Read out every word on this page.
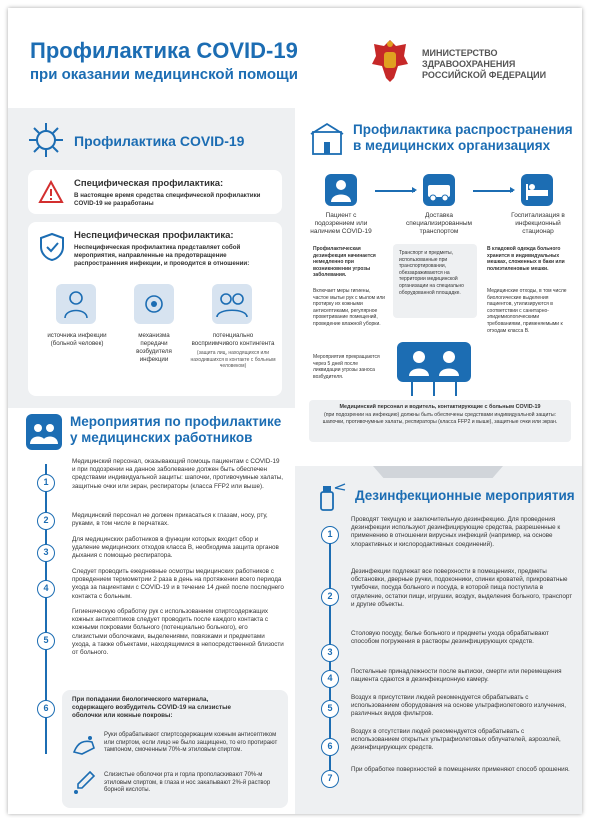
Профилактика COVID-19
при оказании медицинской помощи
МИНИСТЕРСТВО
ЗДРАВООХРАНЕНИЯ
РОССИЙСКОЙ ФЕДЕРАЦИИ
Профилактика COVID-19
Специфическая профилактика:
В настоящее время средства специфической профилактики COVID-19 не разработаны
Неспецифическая профилактика:
Неспецифическая профилактика представляет собой мероприятия, направленные на предотвращение распространения инфекции, и проводится в отношении:
источника инфекции (больной человек)
механизма передачи возбудителя инфекции
потенциально восприимчивого контингента
(защита лиц, находящихся или находившихся в контакте с больным человеком)
Мероприятия по профилактике
у медицинских работников
1
Медицинский персонал, оказывающий помощь пациентам с COVID-19 и при подозрении на данное заболевание должен быть обеспечен средствами индивидуальной защиты: шапочки, противочумные халаты, защитные очки или экран, респираторы (класса FFP2 или выше).
2	Медицинский персонал не должен прикасаться к глазам, носу, рту, руками, в том числе в перчатках.
3
Для медицинских работников в функции которых входит сбор и удаление медицинских отходов класса В, необходима защита органов дыхания с помощью респиратора.
4
Следует проводить ежедневные осмотры медицинских работников с проведением термометрии 2 раза в день на протяжении всего периода ухода за пациентами с COVID-19 и в течение 14 дней после последнего контакта с больным.
5
Гигиеническую обработку рук с использованием спиртсодержащих кожных антисептиков следует проводить после каждого контакта с кожными покровами больного (потенциально больного), его слизистыми оболочками, выделениями, повязками и предметами ухода, а также объектами, находящимися в непосредственной близости от больного.
6
При попадании биологического материала, содержащего возбудитель COVID-19 на слизистые оболочки или кожные покровы:
Руки обрабатывают спиртсодержащим кожным антисептиком или спиртом, если лицо не было защищено, то его протирают тампоном, смоченным 70%-м этиловым спиртом.
Слизистые оболочки рта и горла прополаскивают 70%-м этиловым спиртом, в глаза и нос закапывают 2%-й раствор борной кислоты.
Профилактика распространения
в медицинских организациях
Пациент с подозрением или наличием COVID-19
Доставка специализированным транспортом
Госпитализация в инфекционный стационар
Профилактическая дезинфекция начинается немедленно при возникновении угрозы заболевания.
Включает меры гигиены, частое мытье рук с мылом или протирку их кожными антисептиками, регулярное проветривание помещений, проведение влажной уборки.
Мероприятия прекращаются через 5 дней после ликвидации угрозы заноса возбудителя.
Транспорт и предметы, использованные при транспортировании, обеззараживаются на территории медицинской организации на специально оборудованной площадке.
В кладовой одежда больного хранится в индивидуальных мешках, сложенных в баки или полиэтиленовые мешки.
Медицинские отходы, в том числе биологические выделения пациентов, утилизируются в соответствии с санитарно-эпидемиологическими требованиями, применяемыми к отходам класса В.
Медицинский персонал и водитель, контактирующие с больным COVID-19
(при подозрении на инфекцию) должны быть обеспечены средствами индивидуальной защиты: шапочки, противочумные халаты, респираторы (класса FFP2 и выше), защитные очки или экран.
Дезинфекционные мероприятия
1
Проводят текущую и заключительную дезинфекцию. Для проведения дезинфекции используют дезинфицирующие средства, разрешенные к применению в отношении вирусных инфекций (например, на основе хлорактивных и кислородактивных соединений).
2
Дезинфекции подлежат все поверхности в помещениях, предметы обстановки, дверные ручки, подоконники, спинки кроватей, прикроватные тумбочки, посуда больного и посуда, в которой пища поступила в отделение, остатки пищи, игрушки, воздух, выделения больного, транспорт и другие объекты.
3
Столовую посуду, белье больного и предметы ухода обрабатывают способом погружения в растворы дезинфицирующих средств.
4
Постельные принадлежности после выписки, смерти или перемещения пациента сдаются в дезинфекционную камеру.
5
Воздух в присутствии людей рекомендуется обрабатывать с использованием оборудования на основе ультрафиолетового излучения, различных видов фильтров.
6
Воздух в отсутствии людей рекомендуется обрабатывать с использованием открытых ультрафиолетовых облучателей, аэрозолей, дезинфицирующих средств.
7
При обработке поверхностей в помещениях применяют способ орошения.
